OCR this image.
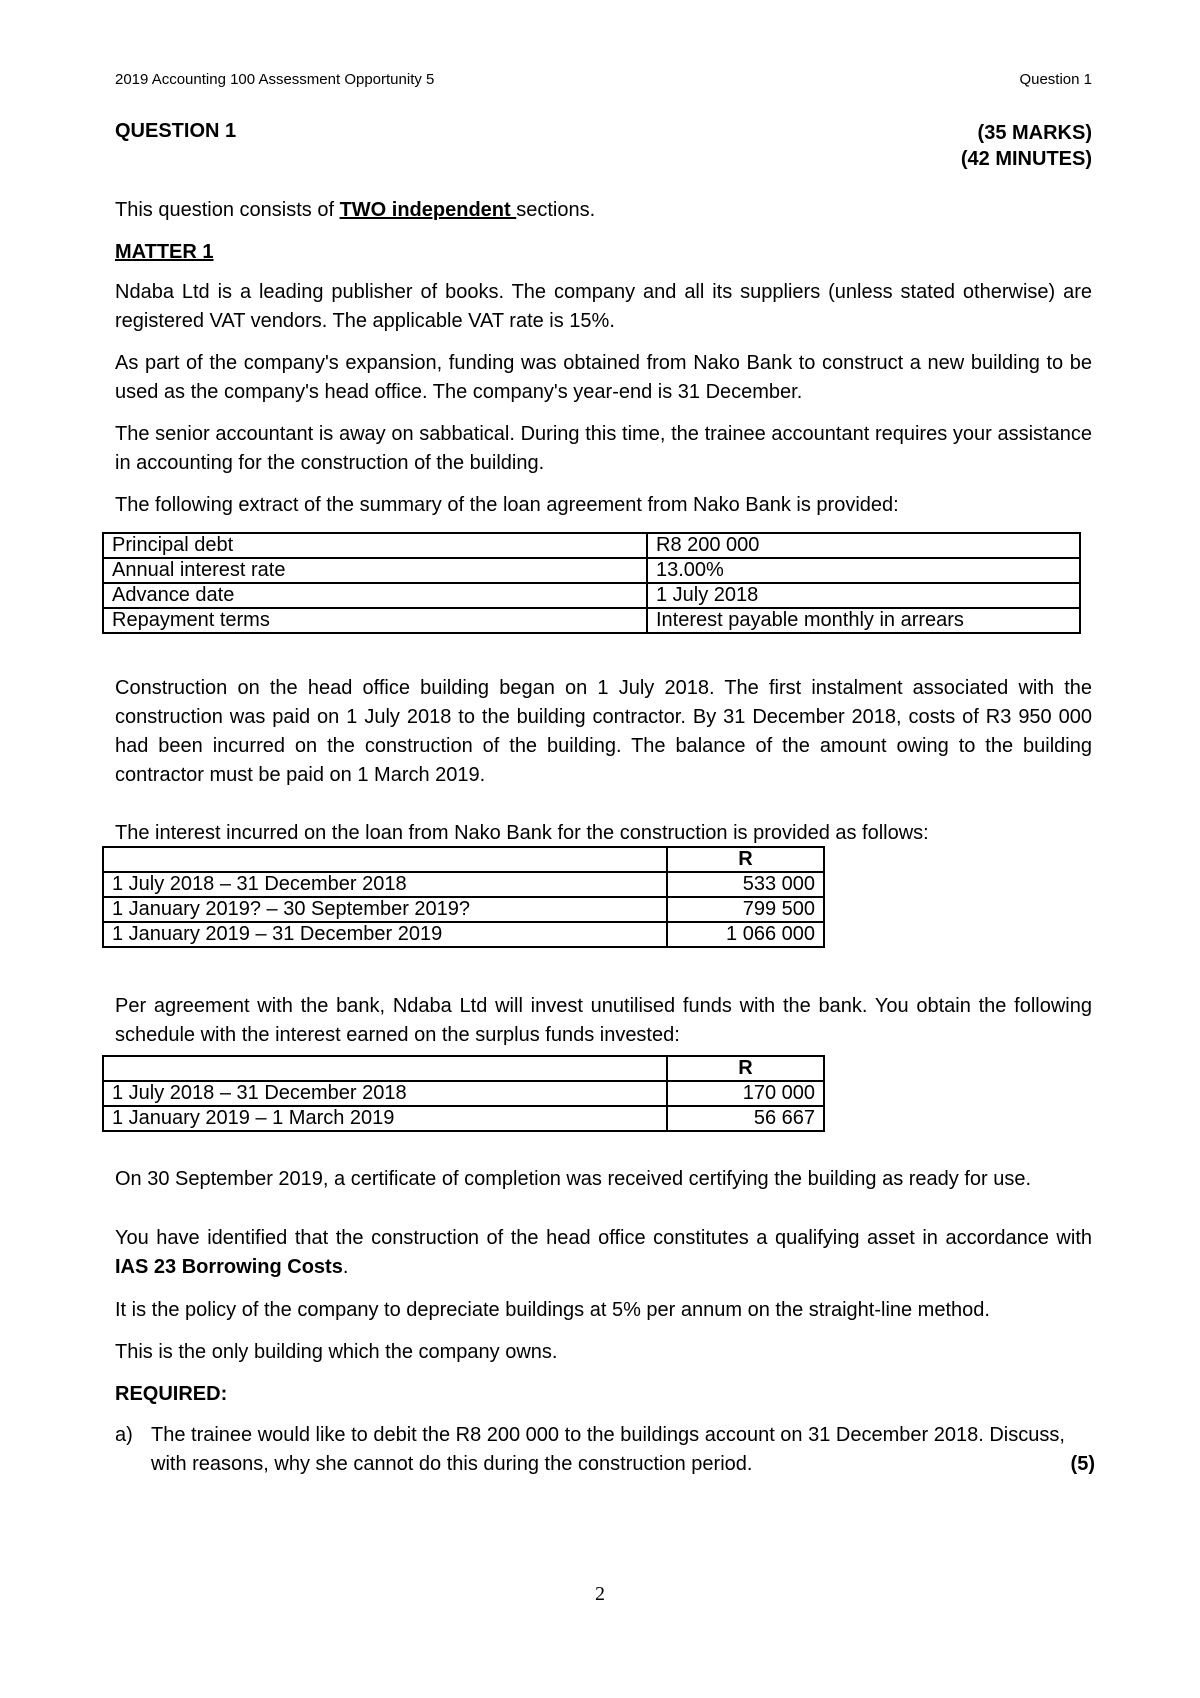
2019 Accounting 100 Assessment Opportunity 5	Question 1
QUESTION 1	(35 MARKS)
(42 MINUTES)

This question consists of TWO independent sections.

MATTER 1

Ndaba Ltd is a leading publisher of books. The company and all its suppliers (unless stated otherwise) are registered VAT vendors. The applicable VAT rate is 15%.

As part of the company's expansion, funding was obtained from Nako Bank to construct a new building to be used as the company's head office. The company's year-end is 31 December.

The senior accountant is away on sabbatical. During this time, the trainee accountant requires your assistance in accounting for the construction of the building.

The following extract of the summary of the loan agreement from Nako Bank is provided:

Principal debt	R8 200 000
Annual interest rate	13.00%
Advance date	1 July 2018
Repayment terms	Interest payable monthly in arrears

Construction on the head office building began on 1 July 2018. The first instalment associated with the construction was paid on 1 July 2018 to the building contractor. By 31 December 2018, costs of R3 950 000 had been incurred on the construction of the building. The balance of the amount owing to the building contractor must be paid on 1 March 2019.

The interest incurred on the loan from Nako Bank for the construction is provided as follows:

	R
1 July 2018 – 31 December 2018	533 000
1 January 2019? – 30 September 2019?	799 500
1 January 2019 – 31 December 2019	1 066 000

Per agreement with the bank, Ndaba Ltd will invest unutilised funds with the bank. You obtain the following schedule with the interest earned on the surplus funds invested:

	R
1 July 2018 – 31 December 2018	170 000
1 January 2019 – 1 March 2019	56 667

On 30 September 2019, a certificate of completion was received certifying the building as ready for use.

You have identified that the construction of the head office constitutes a qualifying asset in accordance with IAS 23 Borrowing Costs.

It is the policy of the company to depreciate buildings at 5% per annum on the straight-line method.

This is the only building which the company owns.

REQUIRED:

a) The trainee would like to debit the R8 200 000 to the buildings account on 31 December 2018. Discuss, with reasons, why she cannot do this during the construction period.	(5)
2
